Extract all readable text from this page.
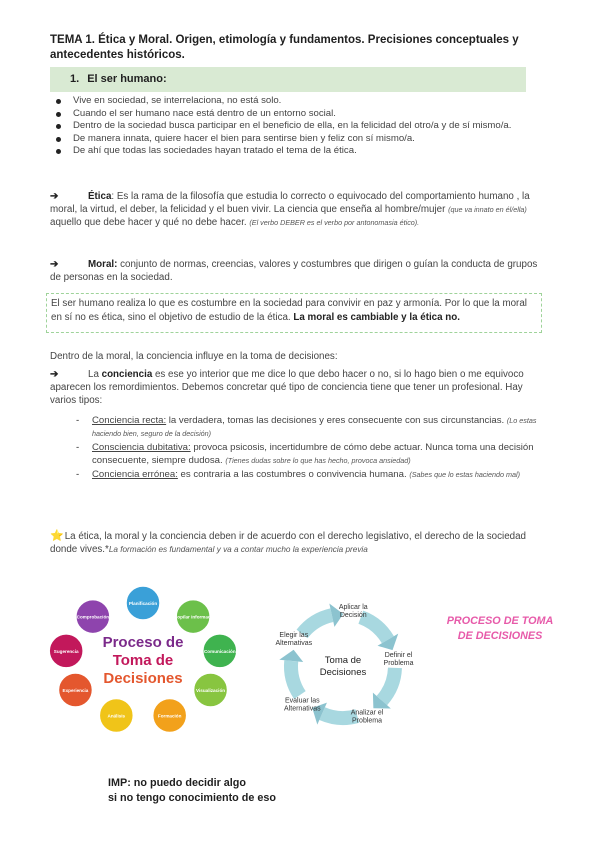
TEMA 1. Ética y Moral. Origen, etimología y fundamentos. Precisiones conceptuales y antecedentes históricos.
1. El ser humano:
Vive en sociedad, se interrelaciona, no está solo.
Cuando el ser humano nace está dentro de un entorno social.
Dentro de la sociedad busca participar en el beneficio de ella, en la felicidad del otro/a y de sí mismo/a.
De manera innata, quiere hacer el bien para sentirse bien y feliz con sí mismo/a.
De ahí que todas las sociedades hayan tratado el tema de la ética.
➔	Ética: Es la rama de la filosofía que estudia lo correcto o equivocado del comportamiento humano , la moral, la virtud, el deber, la felicidad y el buen vivir. La ciencia que enseña al hombre/mujer (que va innato en él/ella) aquello que debe hacer y qué no debe hacer. (El verbo DEBER es el verbo por antonomasia ético).
➔	Moral: conjunto de normas, creencias, valores y costumbres que dirigen o guían la conducta de grupos de personas en la sociedad.
El ser humano realiza lo que es costumbre en la sociedad para convivir en paz y armonía. Por lo que la moral en sí no es ética, sino el objetivo de estudio de la ética. La moral es cambiable y la ética no.
Dentro de la moral, la conciencia influye en la toma de decisiones:
➔	La conciencia es ese yo interior que me dice lo que debo hacer o no, si lo hago bien o me equivoco aparecen los remordimientos. Debemos concretar qué tipo de conciencia tiene que tener un profesional. Hay varios tipos:
- Conciencia recta: la verdadera, tomas las decisiones y eres consecuente con sus circunstancias. (Lo estas haciendo bien, seguro de la decisión)
- Consciencia dubitativa: provoca psicosis, incertidumbre de cómo debe actuar. Nunca toma una decisión consecuente, siempre dudosa. (Tienes dudas sobre lo que has hecho, provoca ansiedad)
- Conciencia errónea: es contraria a las costumbres o convivencia humana. (Sabes que lo estas haciendo mal)
⭐La ética, la moral y la conciencia deben ir de acuerdo con el derecho legislativo, el derecho de la sociedad donde vives.*La formación es fundamental y va a contar mucho la experiencia previa
Planificación
Recopilar información
Comunicación
Visualización
Formación
Análisis
Experiencia
Sugerencia
Comprobación
Proceso de
Toma de
Decisiones
Toma de
Decisiones
Definir el
Problema
Analizar el
Problema
Evaluar las
Alternativas
Elegir las
Alternativas
Aplicar la
Decisión	PROCESO DE TOMA
DE DECISIONES
IMP: no puedo decidir algo
si no tengo conocimiento de eso
